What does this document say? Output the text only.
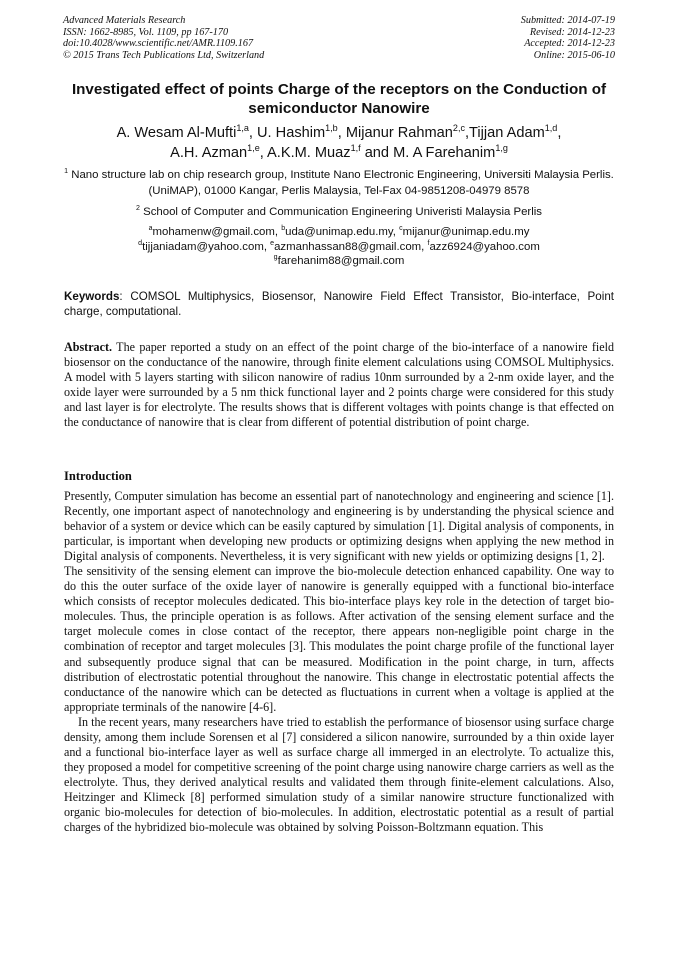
Advanced Materials Research
ISSN: 1662-8985, Vol. 1109, pp 167-170
doi:10.4028/www.scientific.net/AMR.1109.167
© 2015 Trans Tech Publications Ltd, Switzerland
Submitted: 2014-07-19
Revised: 2014-12-23
Accepted: 2014-12-23
Online: 2015-06-10
Investigated effect of points Charge of the receptors on the Conduction of semiconductor Nanowire
A. Wesam Al-Mufti$^{1,a}$, U. Hashim$^{1,b}$, Mijanur Rahman$^{2,c}$,Tijjan Adam$^{1,d}$,
A.H. Azman$^{1,e}$, A.K.M. Muaz$^{1,f}$ and M. A Farehanim$^{1,g}$
$^1$ Nano structure lab on chip research group, Institute Nano Electronic Engineering, Universiti Malaysia Perlis. (UniMAP), 01000 Kangar, Perlis Malaysia, Tel-Fax 04-9851208-04979 8578
$^2$ School of Computer and Communication Engineering Univeristi Malaysia Perlis
$^a$mohamenw@gmail.com, $^b$uda@unimap.edu.my, $^c$mijanur@unimap.edu.my
$^d$tijjaniadam@yahoo.com, $^e$azmanhassan88@gmail.com, $^f$azz6924@yahoo.com
$^g$farehanim88@gmail.com
Keywords: COMSOL Multiphysics, Biosensor, Nanowire Field Effect Transistor, Bio-interface, Point charge, computational.
Abstract. The paper reported a study on an effect of the point charge of the bio-interface of a nanowire field biosensor on the conductance of the nanowire, through finite element calculations using COMSOL Multiphysics. A model with 5 layers starting with silicon nanowire of radius 10nm surrounded by a 2-nm oxide layer, and the oxide layer were surrounded by a 5 nm thick functional layer and 2 points charge were considered for this study and last layer is for electrolyte. The results shows that is different voltages with points change is that effected on the conductance of nanowire that is clear from different of potential distribution of point charge.
Introduction

Presently, Computer simulation has become an essential part of nanotechnology and engineering and science [1]. Recently, one important aspect of nanotechnology and engineering is by understanding the physical science and behavior of a system or device which can be easily captured by simulation [1]. Digital analysis of components, in particular, is important when developing new products or optimizing designs when applying the new method in Digital analysis of components. Nevertheless, it is very significant with new yields or optimizing designs [1, 2].

The sensitivity of the sensing element can improve the bio-molecule detection enhanced capability. One way to do this the outer surface of the oxide layer of nanowire is generally equipped with a functional bio-interface which consists of receptor molecules dedicated. This bio-interface plays key role in the detection of target bio-molecules. Thus, the principle operation is as follows. After activation of the sensing element surface and the target molecule comes in close contact of the receptor, there appears non-negligible point charge in the combination of receptor and target molecules [3]. This modulates the point charge profile of the functional layer and subsequently produce signal that can be measured. Modification in the point charge, in turn, affects distribution of electrostatic potential throughout the nanowire. This change in electrostatic potential affects the conductance of the nanowire which can be detected as fluctuations in current when a voltage is applied at the appropriate terminals of the nanowire [4-6].

In the recent years, many researchers have tried to establish the performance of biosensor using surface charge density, among them include Sorensen et al [7] considered a silicon nanowire, surrounded by a thin oxide layer and a functional bio-interface layer as well as surface charge all immerged in an electrolyte. To actualize this, they proposed a model for competitive screening of the point charge using nanowire charge carriers as well as the electrolyte. Thus, they derived analytical results and validated them through finite-element calculations. Also, Heitzinger and Klimeck [8] performed simulation study of a similar nanowire structure functionalized with organic bio-molecules for detection of bio-molecules. In addition, electrostatic potential as a result of partial charges of the hybridized bio-molecule was obtained by solving Poisson-Boltzmann equation. This
